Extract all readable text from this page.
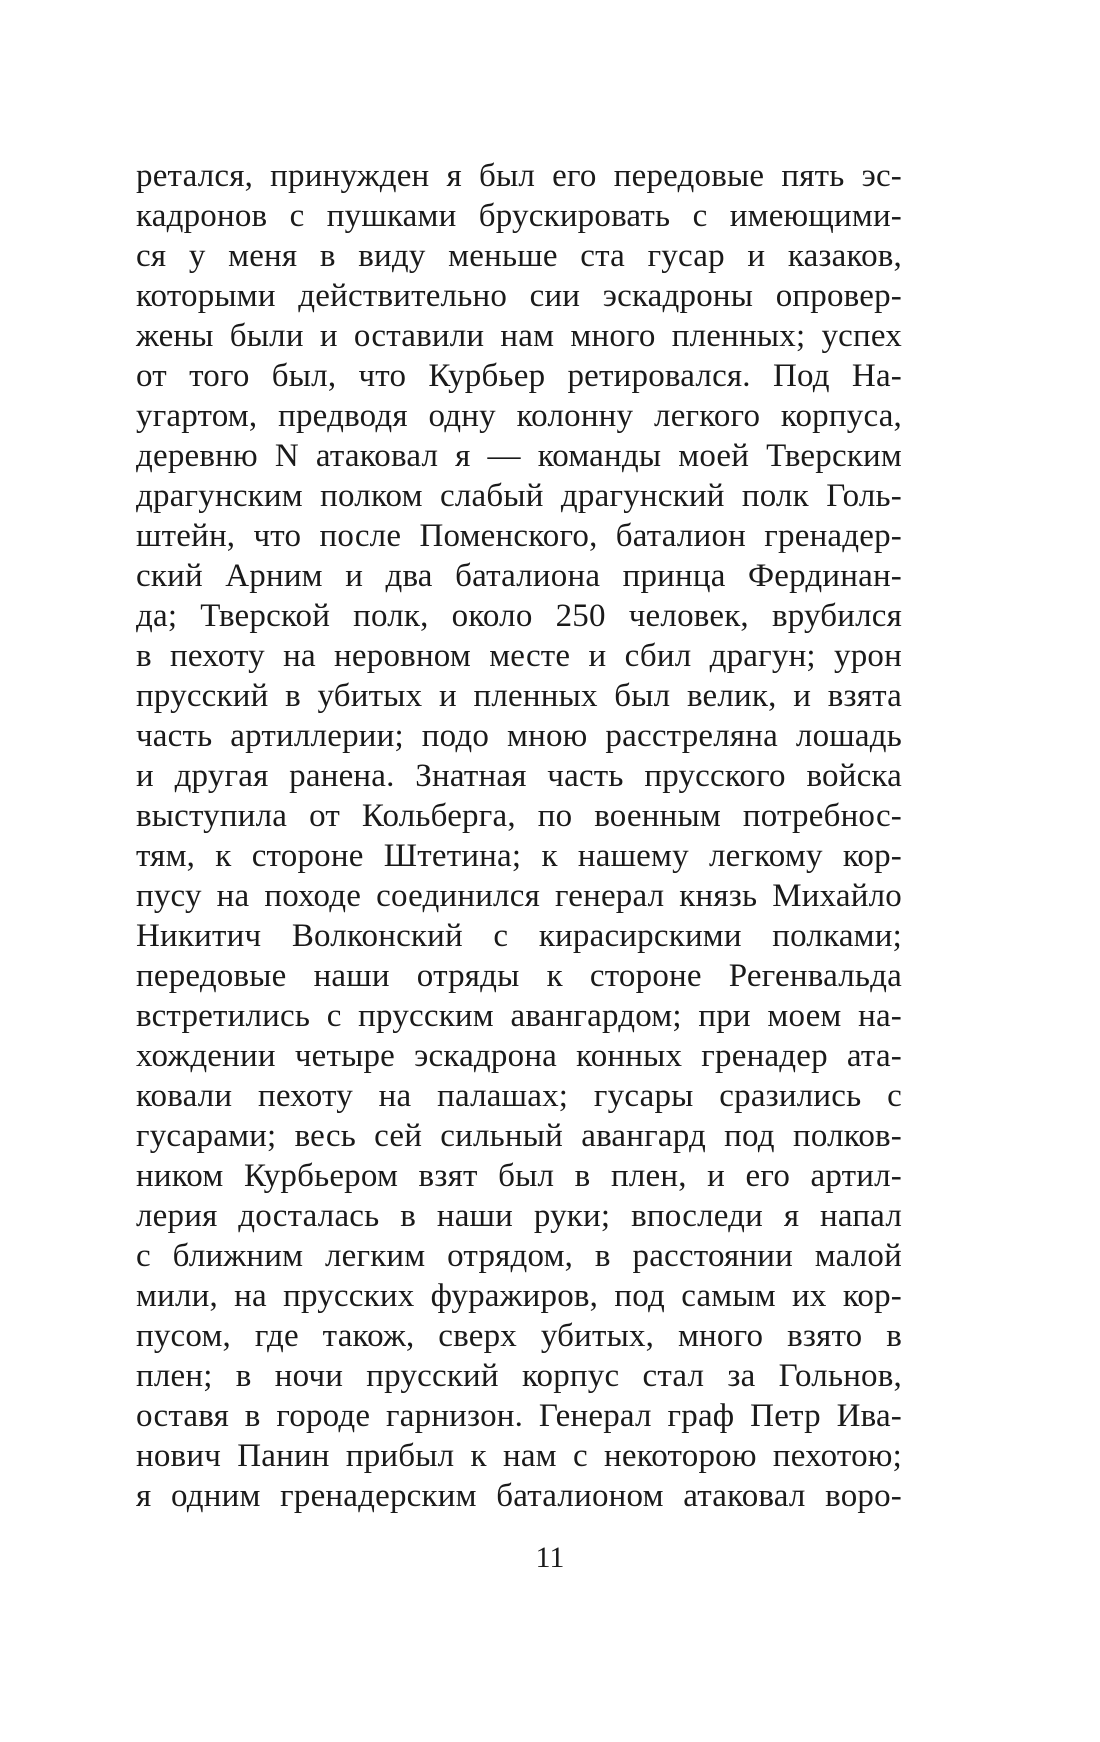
ретался, принужден я был его передовые пять эс-
кадронов с пушками брускировать с имеющими-
ся у меня в виду меньше ста гусар и казаков,
которыми действительно сии эскадроны опровер-
жены были и оставили нам много пленных; успех
от того был, что Курбьер ретировался. Под На-
угартом, предводя одну колонну легкого корпуса,
деревню N атаковал я — команды моей Тверским
драгунским полком слабый драгунский полк Голь-
штейн, что после Поменского, баталион гренадер-
ский Арним и два баталиона принца Фердинан-
да; Тверской полк, около 250 человек, врубился
в пехоту на неровном месте и сбил драгун; урон
прусский в убитых и пленных был велик, и взята
часть артиллерии; подо мною расстреляна лошадь
и другая ранена. Знатная часть прусского войска
выступила от Кольберга, по военным потребнос-
тям, к стороне Штетина; к нашему легкому кор-
пусу на походе соединился генерал князь Михайло
Никитич Волконский с кирасирскими полками;
передовые наши отряды к стороне Регенвальда
встретились с прусским авангардом; при моем на-
хождении четыре эскадрона конных гренадер ата-
ковали пехоту на палашах; гусары сразились с
гусарами; весь сей сильный авангард под полков-
ником Курбьером взят был в плен, и его артил-
лерия досталась в наши руки; впоследи я напал
с ближним легким отрядом, в расстоянии малой
мили, на прусских фуражиров, под самым их кор-
пусом, где також, сверх убитых, много взято в
плен; в ночи прусский корпус стал за Гольнов,
оставя в городе гарнизон. Генерал граф Петр Ива-
нович Панин прибыл к нам с некоторою пехотою;
я одним гренадерским баталионом атаковал воро-
11
